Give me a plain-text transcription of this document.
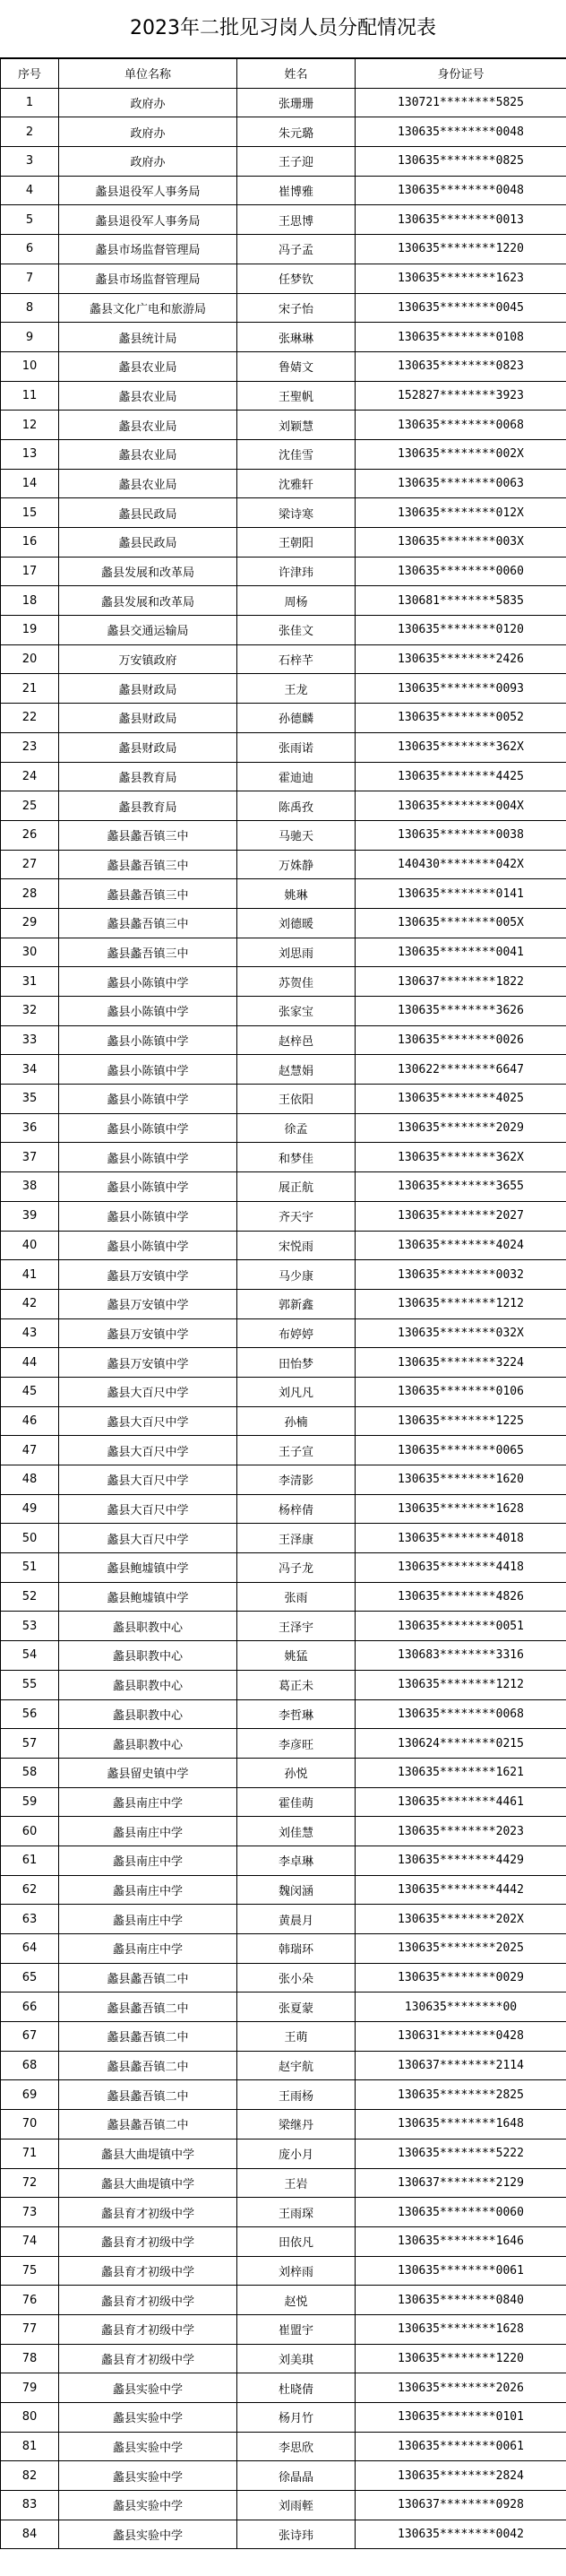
2023年二批见习岗人员分配情况表
序号	单位名称	姓名	身份证号
1	政府办	张珊珊	130721********5825
2	政府办	朱元璐	130635********0048
3	政府办	王子迎	130635********0825
4	蠡县退役军人事务局	崔博雅	130635********0048
5	蠡县退役军人事务局	王思博	130635********0013
6	蠡县市场监督管理局	冯子孟	130635********1220
7	蠡县市场监督管理局	任梦钦	130635********1623
8	蠡县文化广电和旅游局	宋子怡	130635********0045
9	蠡县统计局	张琳琳	130635********0108
10	蠡县农业局	鲁婧文	130635********0823
11	蠡县农业局	王聖帆	152827********3923
12	蠡县农业局	刘颖慧	130635********0068
13	蠡县农业局	沈佳雪	130635********002X
14	蠡县农业局	沈雅轩	130635********0063
15	蠡县民政局	梁诗寒	130635********012X
16	蠡县民政局	王朝阳	130635********003X
17	蠡县发展和改革局	许津玮	130635********0060
18	蠡县发展和改革局	周杨	130681********5835
19	蠡县交通运输局	张佳文	130635********0120
20	万安镇政府	石梓芊	130635********2426
21	蠡县财政局	王龙	130635********0093
22	蠡县财政局	孙德麟	130635********0052
23	蠡县财政局	张雨诺	130635********362X
24	蠡县教育局	霍迪迪	130635********4425
25	蠡县教育局	陈禹孜	130635********004X
26	蠡县蠡吾镇三中	马驰天	130635********0038
27	蠡县蠡吾镇三中	万姝静	140430********042X
28	蠡县蠡吾镇三中	姚琳	130635********0141
29	蠡县蠡吾镇三中	刘德暖	130635********005X
30	蠡县蠡吾镇三中	刘思雨	130635********0041
31	蠡县小陈镇中学	苏贺佳	130637********1822
32	蠡县小陈镇中学	张家宝	130635********3626
33	蠡县小陈镇中学	赵梓邑	130635********0026
34	蠡县小陈镇中学	赵慧娟	130622********6647
35	蠡县小陈镇中学	王依阳	130635********4025
36	蠡县小陈镇中学	徐孟	130635********2029
37	蠡县小陈镇中学	和梦佳	130635********362X
38	蠡县小陈镇中学	展正航	130635********3655
39	蠡县小陈镇中学	齐天宇	130635********2027
40	蠡县小陈镇中学	宋悦雨	130635********4024
41	蠡县万安镇中学	马少康	130635********0032
42	蠡县万安镇中学	郭新鑫	130635********1212
43	蠡县万安镇中学	布婷婷	130635********032X
44	蠡县万安镇中学	田怡梦	130635********3224
45	蠡县大百尺中学	刘凡凡	130635********0106
46	蠡县大百尺中学	孙楠	130635********1225
47	蠡县大百尺中学	王子宣	130635********0065
48	蠡县大百尺中学	李清影	130635********1620
49	蠡县大百尺中学	杨梓倩	130635********1628
50	蠡县大百尺中学	王泽康	130635********4018
51	蠡县鲍墟镇中学	冯子龙	130635********4418
52	蠡县鲍墟镇中学	张雨	130635********4826
53	蠡县职教中心	王泽宇	130635********0051
54	蠡县职教中心	姚猛	130683********3316
55	蠡县职教中心	葛正未	130635********1212
56	蠡县职教中心	李哲琳	130635********0068
57	蠡县职教中心	李彦旺	130624********0215
58	蠡县留史镇中学	孙悦	130635********1621
59	蠡县南庄中学	霍佳萌	130635********4461
60	蠡县南庄中学	刘佳慧	130635********2023
61	蠡县南庄中学	李卓琳	130635********4429
62	蠡县南庄中学	魏闵涵	130635********4442
63	蠡县南庄中学	黄晨月	130635********202X
64	蠡县南庄中学	韩瑞环	130635********2025
65	蠡县蠡吾镇二中	张小朵	130635********0029
66	蠡县蠡吾镇二中	张夏蒙	130635********00
67	蠡县蠡吾镇二中	王萌	130631********0428
68	蠡县蠡吾镇二中	赵宇航	130637********2114
69	蠡县蠡吾镇二中	王雨杨	130635********2825
70	蠡县蠡吾镇二中	梁继丹	130635********1648
71	蠡县大曲堤镇中学	庞小月	130635********5222
72	蠡县大曲堤镇中学	王岩	130637********2129
73	蠡县育才初级中学	王雨琛	130635********0060
74	蠡县育才初级中学	田依凡	130635********1646
75	蠡县育才初级中学	刘梓雨	130635********0061
76	蠡县育才初级中学	赵悦	130635********0840
77	蠡县育才初级中学	崔盟宇	130635********1628
78	蠡县育才初级中学	刘美琪	130635********1220
79	蠡县实验中学	杜晓倩	130635********2026
80	蠡县实验中学	杨月竹	130635********0101
81	蠡县实验中学	李思欣	130635********0061
82	蠡县实验中学	徐晶晶	130635********2824
83	蠡县实验中学	刘雨輊	130637********0928
84	蠡县实验中学	张诗玮	130635********0042
